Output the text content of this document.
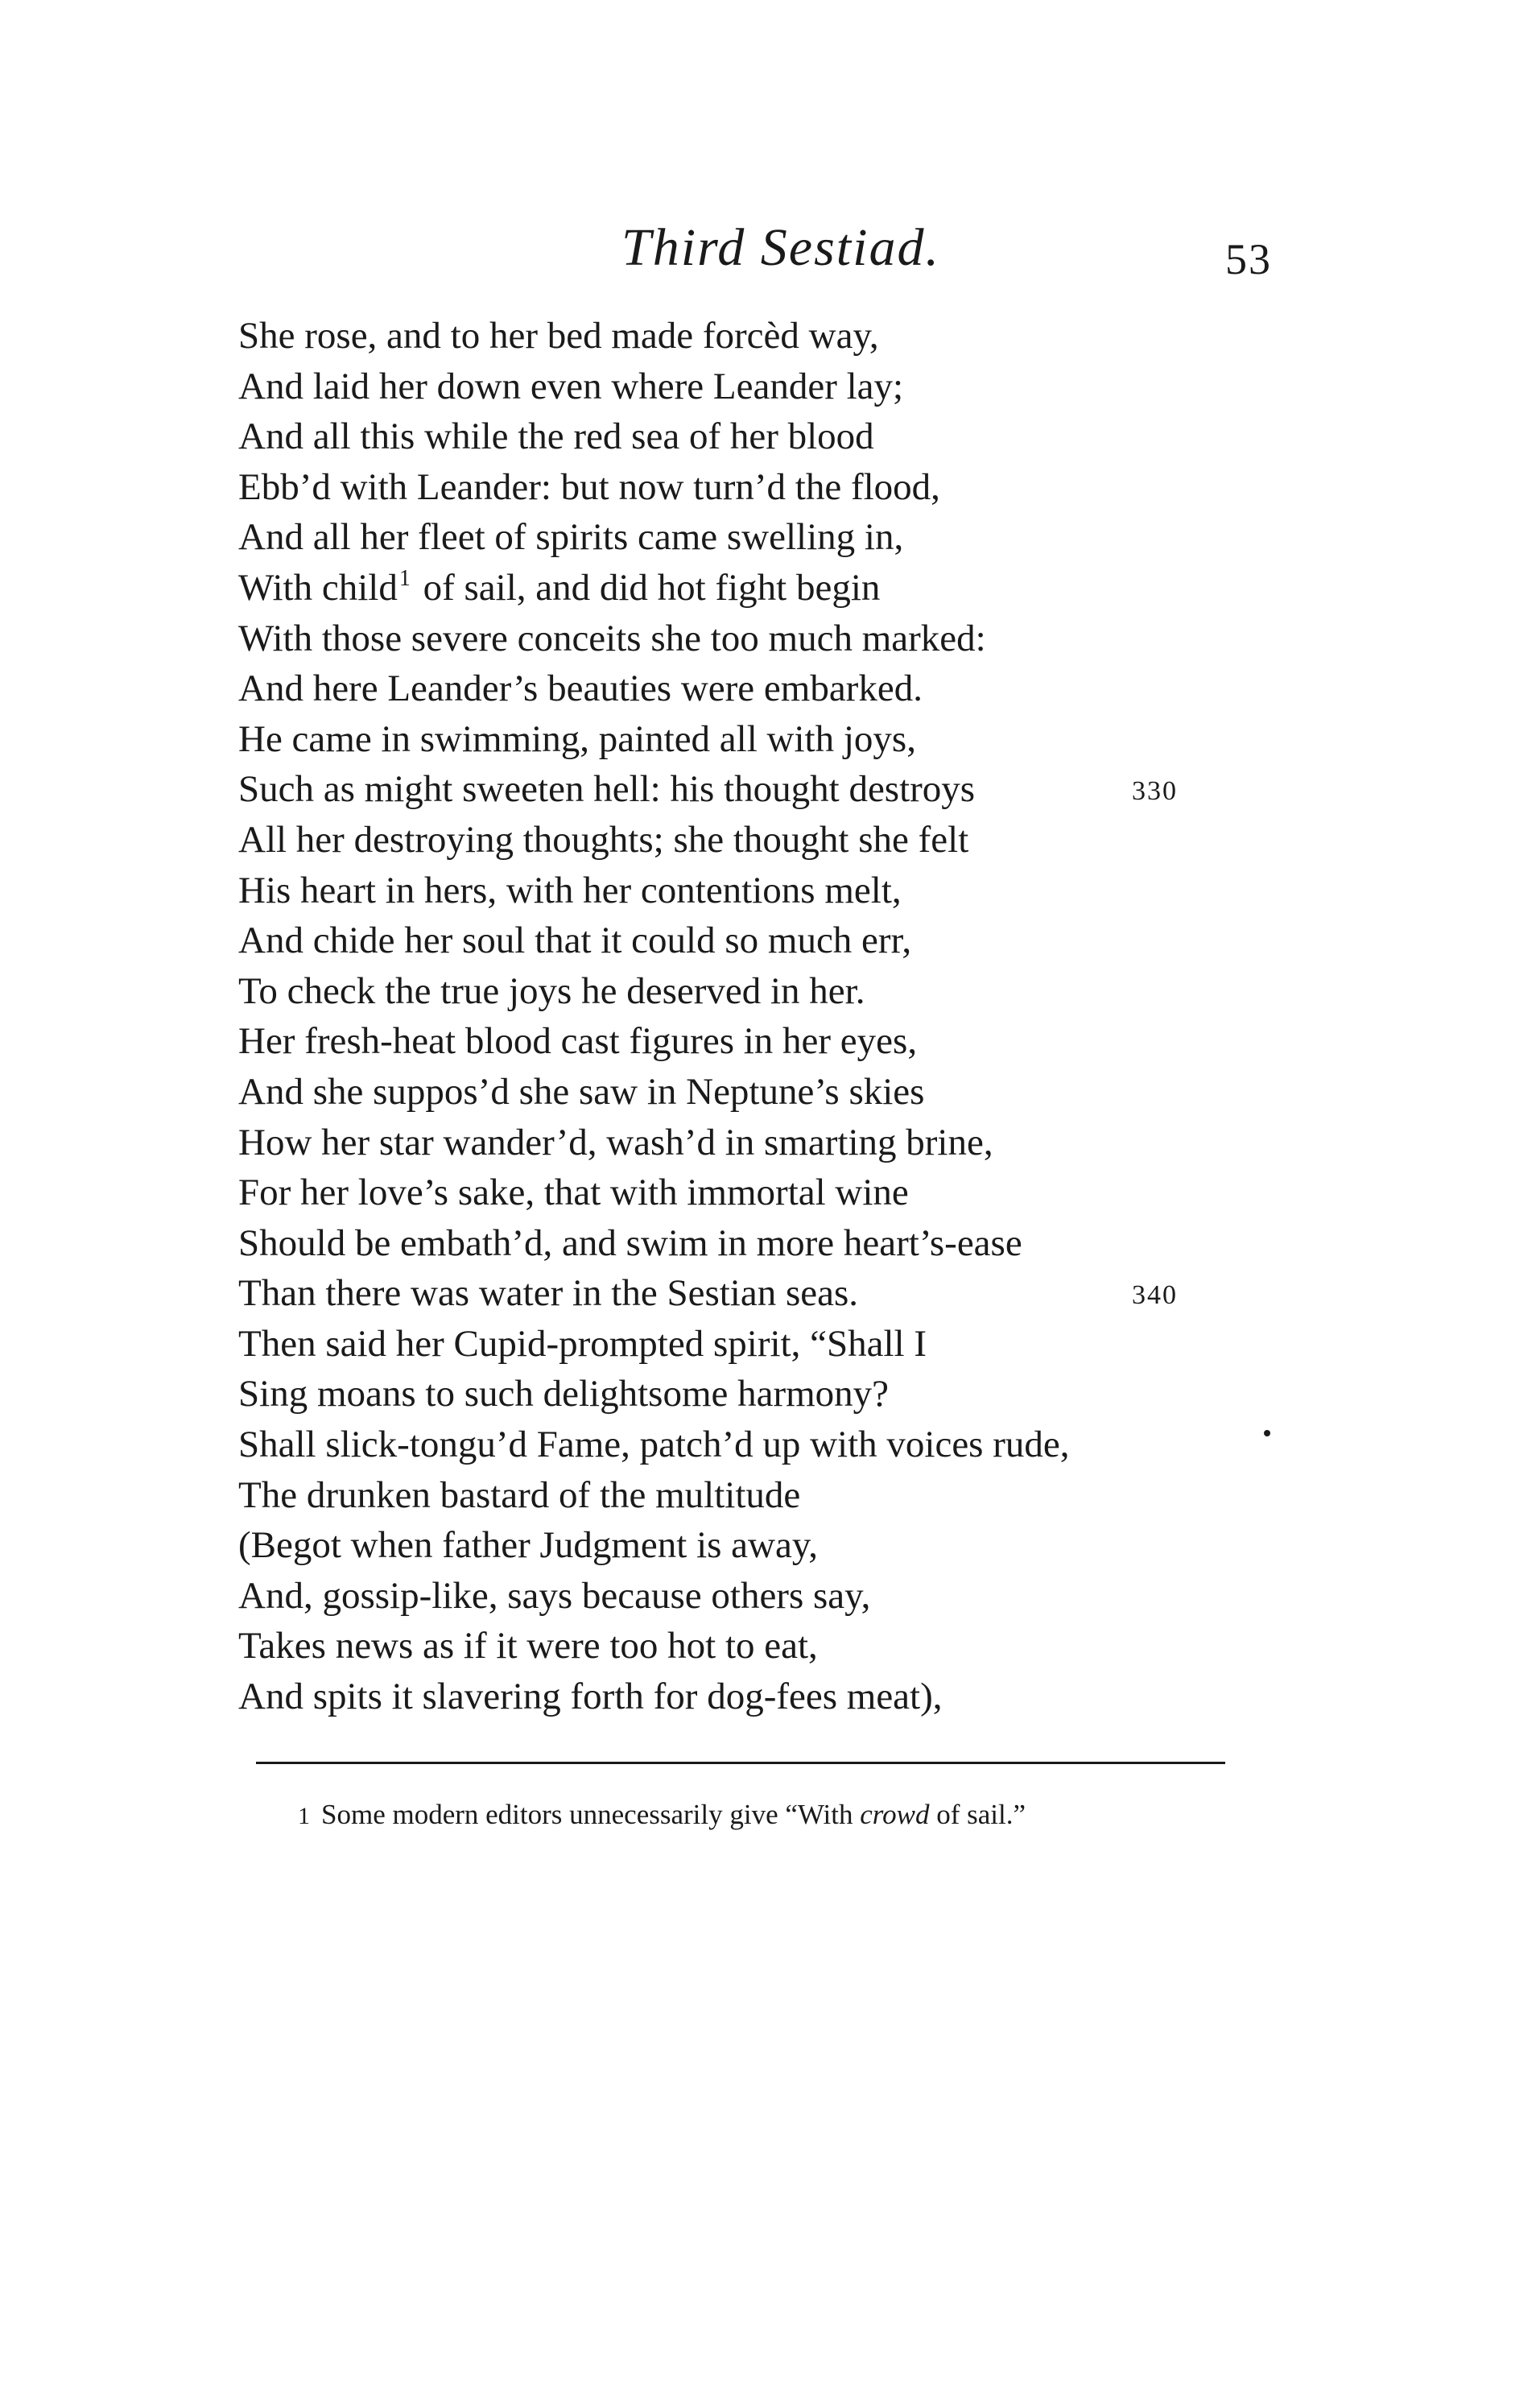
Third Sestiad.	53
She rose, and to her bed made forcèd way,
And laid her down even where Leander lay;
And all this while the red sea of her blood
Ebb’d with Leander: but now turn’d the flood,
And all her fleet of spirits came swelling in,
With child$^1$ of sail, and did hot fight begin
With those severe conceits she too much marked:
And here Leander’s beauties were embarked.
He came in swimming, painted all with joys,
Such as might sweeten hell: his thought destroys	330
All her destroying thoughts; she thought she felt
His heart in hers, with her contentions melt,
And chide her soul that it could so much err,
To check the true joys he deserved in her.
Her fresh-heat blood cast figures in her eyes,
And she suppos’d she saw in Neptune’s skies
How her star wander’d, wash’d in smarting brine,
For her love’s sake, that with immortal wine
Should be embath’d, and swim in more heart’s-ease
Than there was water in the Sestian seas.	340
Then said her Cupid-prompted spirit, “Shall I
Sing moans to such delightsome harmony?
Shall slick-tongu’d Fame, patch’d up with voices rude,
The drunken bastard of the multitude
(Begot when father Judgment is away,
And, gossip-like, says because others say,
Takes news as if it were too hot to eat,
And spits it slavering forth for dog-fees meat),
1 Some modern editors unnecessarily give “With crowd of sail.”
